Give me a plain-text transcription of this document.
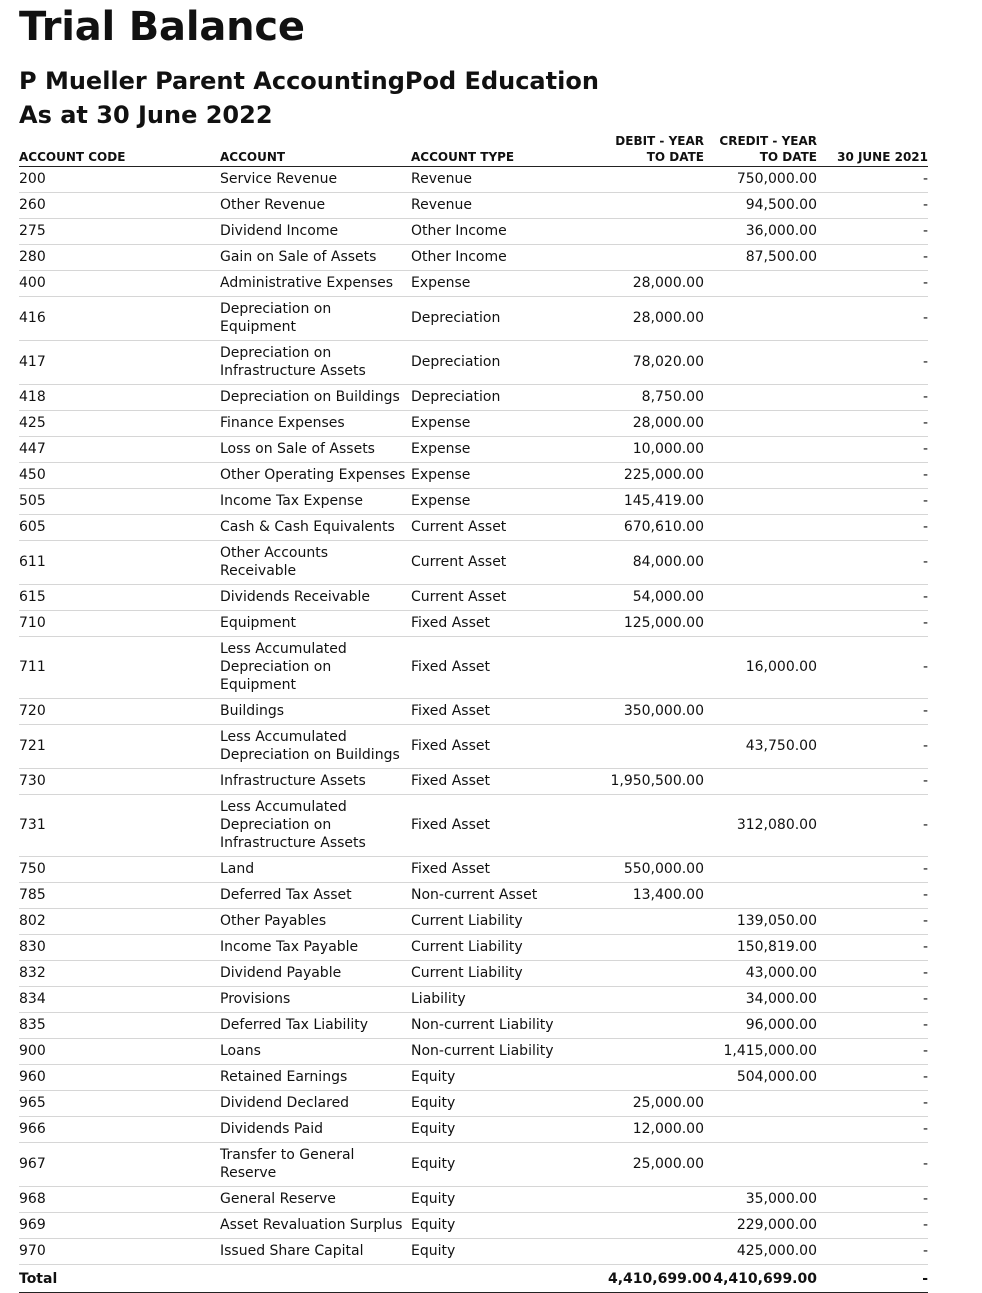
Trial Balance
P Mueller Parent AccountingPod Education
As at 30 June 2022
ACCOUNT CODE	ACCOUNT	ACCOUNT TYPE	DEBIT - YEAR TO DATE	CREDIT - YEAR TO DATE	30 JUNE 2021
200	Service Revenue	Revenue		750,000.00	-
260	Other Revenue	Revenue		94,500.00	-
275	Dividend Income	Other Income		36,000.00	-
280	Gain on Sale of Assets	Other Income		87,500.00	-
400	Administrative Expenses	Expense	28,000.00		-
416	Depreciation on Equipment	Depreciation	28,000.00		-
417	Depreciation on Infrastructure Assets	Depreciation	78,020.00		-
418	Depreciation on Buildings	Depreciation	8,750.00		-
425	Finance Expenses	Expense	28,000.00		-
447	Loss on Sale of Assets	Expense	10,000.00		-
450	Other Operating Expenses	Expense	225,000.00		-
505	Income Tax Expense	Expense	145,419.00		-
605	Cash & Cash Equivalents	Current Asset	670,610.00		-
611	Other Accounts Receivable	Current Asset	84,000.00		-
615	Dividends Receivable	Current Asset	54,000.00		-
710	Equipment	Fixed Asset	125,000.00		-
711	Less Accumulated Depreciation on Equipment	Fixed Asset		16,000.00	-
720	Buildings	Fixed Asset	350,000.00		-
721	Less Accumulated Depreciation on Buildings	Fixed Asset		43,750.00	-
730	Infrastructure Assets	Fixed Asset	1,950,500.00		-
731	Less Accumulated Depreciation on Infrastructure Assets	Fixed Asset		312,080.00	-
750	Land	Fixed Asset	550,000.00		-
785	Deferred Tax Asset	Non-current Asset	13,400.00		-
802	Other Payables	Current Liability		139,050.00	-
830	Income Tax Payable	Current Liability		150,819.00	-
832	Dividend Payable	Current Liability		43,000.00	-
834	Provisions	Liability		34,000.00	-
835	Deferred Tax Liability	Non-current Liability		96,000.00	-
900	Loans	Non-current Liability		1,415,000.00	-
960	Retained Earnings	Equity		504,000.00	-
965	Dividend Declared	Equity	25,000.00		-
966	Dividends Paid	Equity	12,000.00		-
967	Transfer to General Reserve	Equity	25,000.00		-
968	General Reserve	Equity		35,000.00	-
969	Asset Revaluation Surplus	Equity		229,000.00	-
970	Issued Share Capital	Equity		425,000.00	-
Total			4,410,699.00	4,410,699.00	-
